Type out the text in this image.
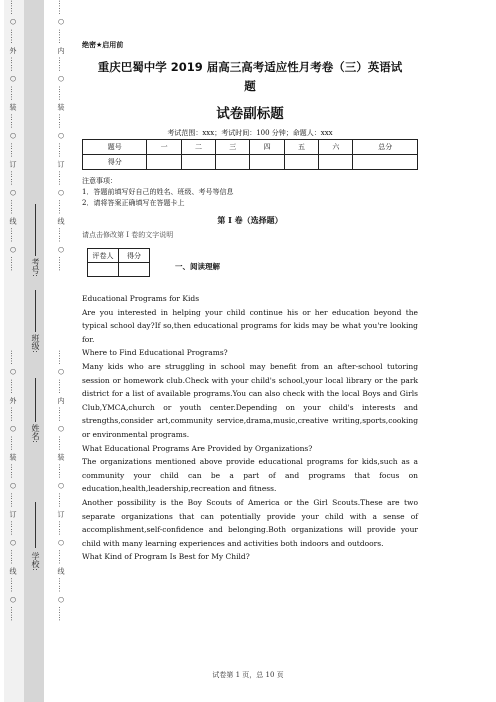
…… ○ …… 外 …… ○ …… 装 …… ○ …… 订 …… ○ …… 线 …… ○ ……
…… ○ …… 外 …… ○ …… 装 …… ○ …… 订 …… ○ …… 线 …… ○ ……
…… ○ …… 内 …… ○ …… 装 …… ○ …… 订 …… ○ …… 线 …… ○ ……
…… ○ …… 内 …… ○ …… 装 …… ○ …… 订 …… ○ …… 线 …… ○ ……
学校:
姓名:
班级:
考号:
绝密★启用前
重庆巴蜀中学 2019 届高三高考适应性月考卷（三）英语试
题
试卷副标题
考试范围：xxx；考试时间：100 分钟；命题人：xxx
题号	一	二	三	四	五	六	总分
得分							
注意事项：
1．答题前填写好自己的姓名、班级、考号等信息
2．请将答案正确填写在答题卡上
第 I 卷（选择题）
请点击修改第 I 卷的文字说明
评卷人	得分

一、阅读理解

Educational Programs for Kids

Are you interested in helping your child continue his or her education beyond the typical school day?If so,then educational programs for kids may be what you're looking for.

Where to Find Educational Programs?

Many kids who are struggling in school may benefit from an after-school tutoring session or homework club.Check with your child's school,your local library or the park district for a list of available programs.You can also check with the local Boys and Girls Club,YMCA,church or youth center.Depending on your child's interests and strengths,consider art,community service,drama,music,creative writing,sports,cooking or environmental programs.

What Educational Programs Are Provided by Organizations?

The organizations mentioned above provide educational programs for kids,such as a community your child can be a part of and programs that focus on

education,health,leadership,recreation and fitness.

Another possibility is the Boy Scouts of America or the Girl Scouts.These are two separate organizations that can potentially provide your child with a sense of accomplishment,self-confidence and belonging.Both organizations will provide your child with many learning experiences and activities both indoors and outdoors.

What Kind of Program Is Best for My Child?

试卷第 1 页，总 10 页
